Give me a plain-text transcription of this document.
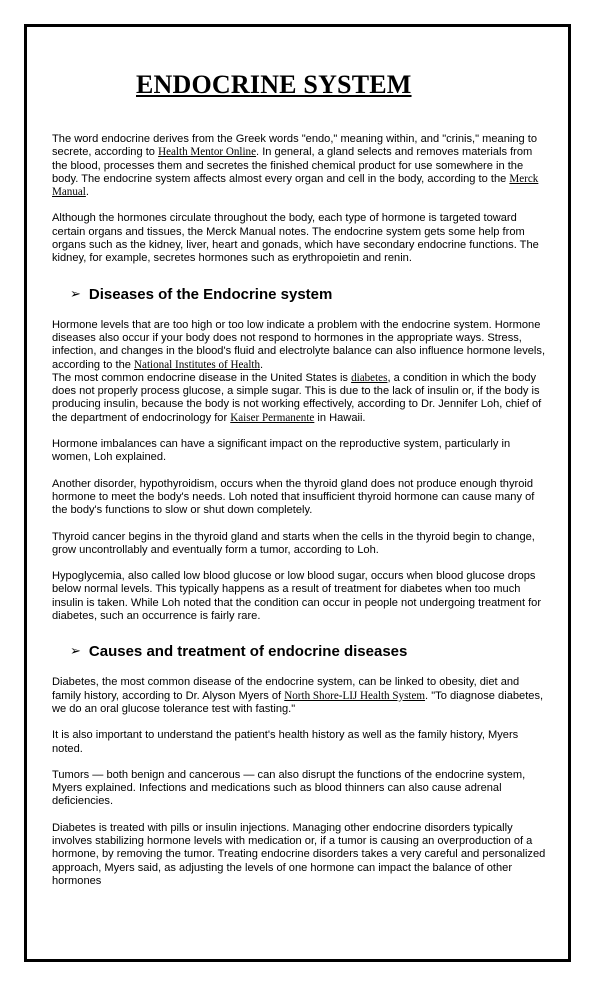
ENDOCRINE SYSTEM

The word endocrine derives from the Greek words "endo," meaning within, and "crinis," meaning to secrete, according to Health Mentor Online. In general, a gland selects and removes materials from the blood, processes them and secretes the finished chemical product for use somewhere in the body. The endocrine system affects almost every organ and cell in the body, according to the Merck Manual.

Although the hormones circulate throughout the body, each type of hormone is targeted toward certain organs and tissues, the Merck Manual notes. The endocrine system gets some help from organs such as the kidney, liver, heart and gonads, which have secondary endocrine functions. The kidney, for example, secretes hormones such as erythropoietin and renin.

➢ Diseases of the Endocrine system

Hormone levels that are too high or too low indicate a problem with the endocrine system. Hormone diseases also occur if your body does not respond to hormones in the appropriate ways. Stress, infection, and changes in the blood's fluid and electrolyte balance can also influence hormone levels, according to the National Institutes of Health.

The most common endocrine disease in the United States is diabetes, a condition in which the body does not properly process glucose, a simple sugar. This is due to the lack of insulin or, if the body is producing insulin, because the body is not working effectively, according to Dr. Jennifer Loh, chief of the department of endocrinology for Kaiser Permanente in Hawaii.

Hormone imbalances can have a significant impact on the reproductive system, particularly in women, Loh explained.

Another disorder, hypothyroidism, occurs when the thyroid gland does not produce enough thyroid hormone to meet the body's needs. Loh noted that insufficient thyroid hormone can cause many of the body's functions to slow or shut down completely.

Thyroid cancer begins in the thyroid gland and starts when the cells in the thyroid begin to change, grow uncontrollably and eventually form a tumor, according to Loh.

Hypoglycemia, also called low blood glucose or low blood sugar, occurs when blood glucose drops below normal levels. This typically happens as a result of treatment for diabetes when too much insulin is taken. While Loh noted that the condition can occur in people not undergoing treatment for diabetes, such an occurrence is fairly rare.

➢ Causes and treatment of endocrine diseases

Diabetes, the most common disease of the endocrine system, can be linked to obesity, diet and family history, according to Dr. Alyson Myers of North Shore-LIJ Health System. "To diagnose diabetes, we do an oral glucose tolerance test with fasting."

It is also important to understand the patient's health history as well as the family history, Myers noted.

Tumors — both benign and cancerous — can also disrupt the functions of the endocrine system, Myers explained. Infections and medications such as blood thinners can also cause adrenal deficiencies.

Diabetes is treated with pills or insulin injections. Managing other endocrine disorders typically involves stabilizing hormone levels with medication or, if a tumor is causing an overproduction of a hormone, by removing the tumor. Treating endocrine disorders takes a very careful and personalized approach, Myers said, as adjusting the levels of one hormone can impact the balance of other hormones
